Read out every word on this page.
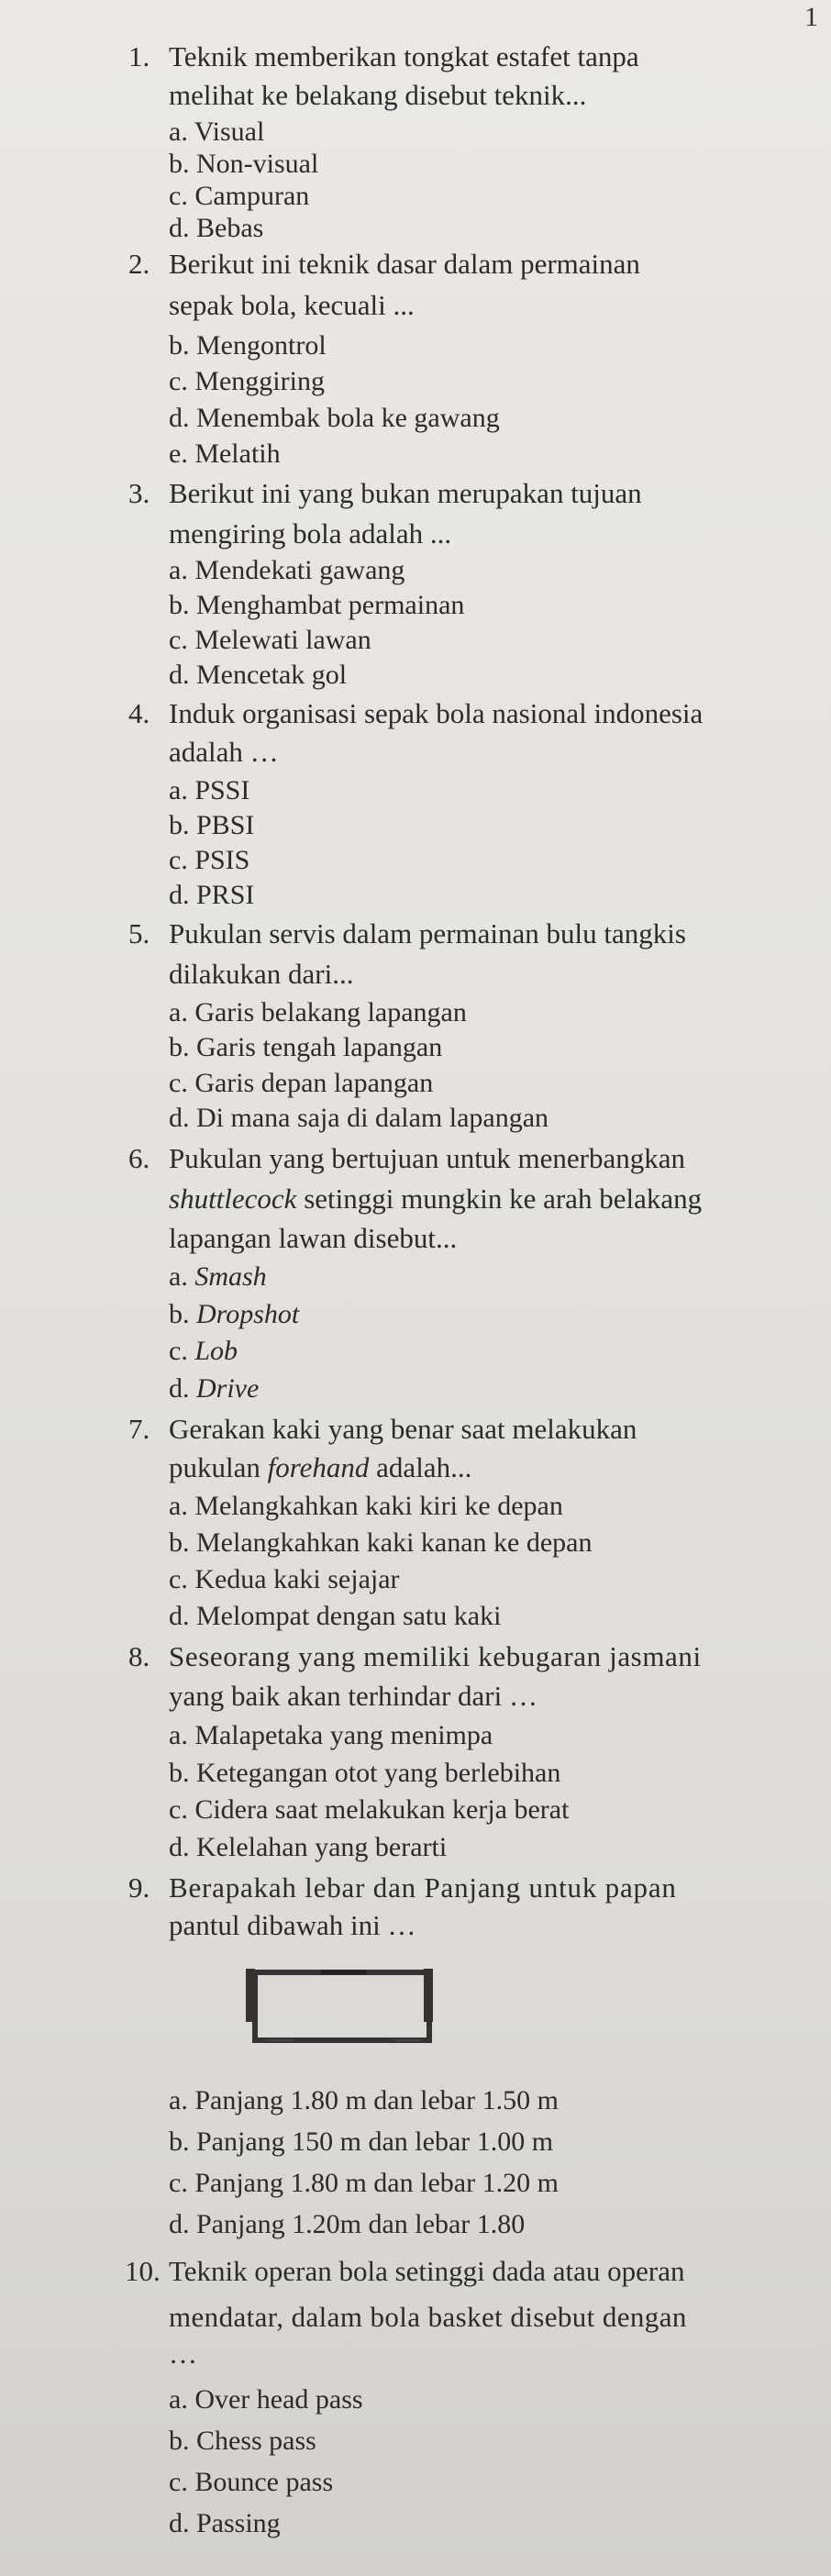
1
1. Teknik memberikan tongkat estafet tanpa
melihat ke belakang disebut teknik...
a. Visual
b. Non-visual
c. Campuran
d. Bebas
2. Berikut ini teknik dasar dalam permainan
sepak bola, kecuali ...
b. Mengontrol
c. Menggiring
d. Menembak bola ke gawang
e. Melatih
3. Berikut ini yang bukan merupakan tujuan
mengiring bola adalah ...
a. Mendekati gawang
b. Menghambat permainan
c. Melewati lawan
d. Mencetak gol
4. Induk organisasi sepak bola nasional indonesia
adalah …
a. PSSI
b. PBSI
c. PSIS
d. PRSI
5. Pukulan servis dalam permainan bulu tangkis
dilakukan dari...
a. Garis belakang lapangan
b. Garis tengah lapangan
c. Garis depan lapangan
d. Di mana saja di dalam lapangan
6. Pukulan yang bertujuan untuk menerbangkan
shuttlecock setinggi mungkin ke arah belakang
lapangan lawan disebut...
a. Smash
b. Dropshot
c. Lob
d. Drive
7. Gerakan kaki yang benar saat melakukan
pukulan forehand adalah...
a. Melangkahkan kaki kiri ke depan
b. Melangkahkan kaki kanan ke depan
c. Kedua kaki sejajar
d. Melompat dengan satu kaki
8. Seseorang yang memiliki kebugaran jasmani
yang baik akan terhindar dari …
a. Malapetaka yang menimpa
b. Ketegangan otot yang berlebihan
c. Cidera saat melakukan kerja berat
d. Kelelahan yang berarti
9. Berapakah lebar dan Panjang untuk papan
pantul dibawah ini …
a. Panjang 1.80 m dan lebar 1.50 m
b. Panjang 150 m dan lebar 1.00 m
c. Panjang 1.80 m dan lebar 1.20 m
d. Panjang 1.20m dan lebar 1.80
10. Teknik operan bola setinggi dada atau operan
mendatar, dalam bola basket disebut dengan
…
a. Over head pass
b. Chess pass
c. Bounce pass
d. Passing
